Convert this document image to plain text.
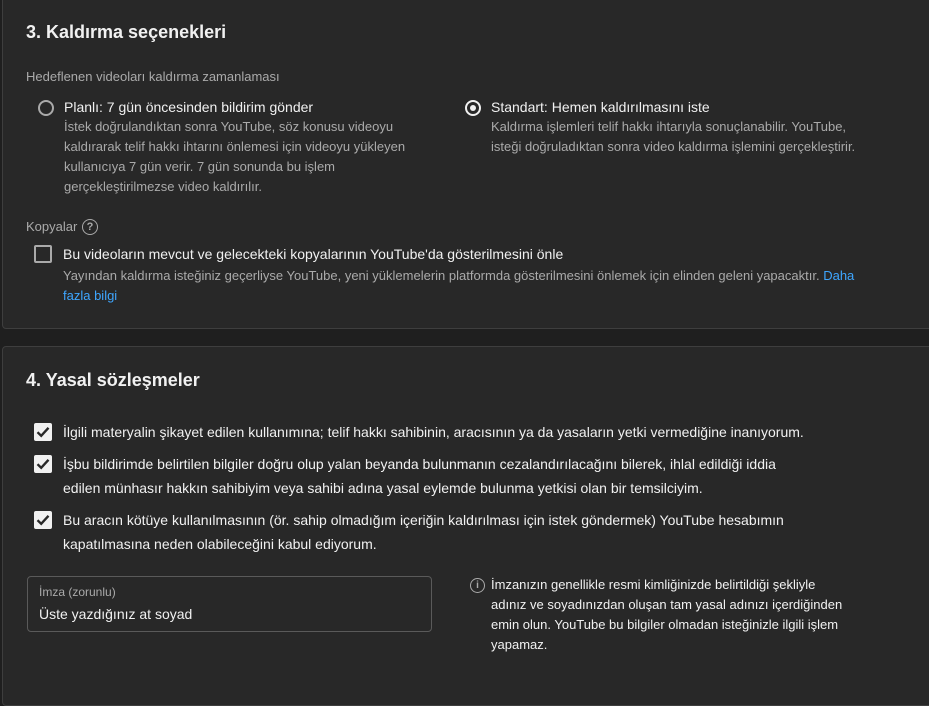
3. Kaldırma seçenekleri
Hedeflenen videoları kaldırma zamanlaması
Planlı: 7 gün öncesinden bildirim gönder
İstek doğrulandıktan sonra YouTube, söz konusu videoyu
kaldırarak telif hakkı ihtarını önlemesi için videoyu yükleyen
kullanıcıya 7 gün verir. 7 gün sonunda bu işlem
gerçekleştirilmezse video kaldırılır.
Standart: Hemen kaldırılmasını iste
Kaldırma işlemleri telif hakkı ihtarıyla sonuçlanabilir. YouTube,
isteği doğruladıktan sonra video kaldırma işlemini gerçekleştirir.
Kopyalar ?
Bu videoların mevcut ve gelecekteki kopyalarının YouTube'da gösterilmesini önle
Yayından kaldırma isteğiniz geçerliyse YouTube, yeni yüklemelerin platformda gösterilmesini önlemek için elinden geleni yapacaktır. Daha
fazla bilgi
4. Yasal sözleşmeler
İlgili materyalin şikayet edilen kullanımına; telif hakkı sahibinin, aracısının ya da yasaların yetki vermediğine inanıyorum.
İşbu bildirimde belirtilen bilgiler doğru olup yalan beyanda bulunmanın cezalandırılacağını bilerek, ihlal edildiği iddia
edilen münhasır hakkın sahibiyim veya sahibi adına yasal eylemde bulunma yetkisi olan bir temsilciyim.
Bu aracın kötüye kullanılmasının (ör. sahip olmadığım içeriğin kaldırılması için istek göndermek) YouTube hesabımın
kapatılmasına neden olabileceğini kabul ediyorum.
İmza (zorunlu)
Üste yazdığınız at soyad	i İmzanızın genellikle resmi kimliğinizde belirtildiği şekliyle
adınız ve soyadınızdan oluşan tam yasal adınızı içerdiğinden
emin olun. YouTube bu bilgiler olmadan isteğinizle ilgili işlem
yapamaz.
